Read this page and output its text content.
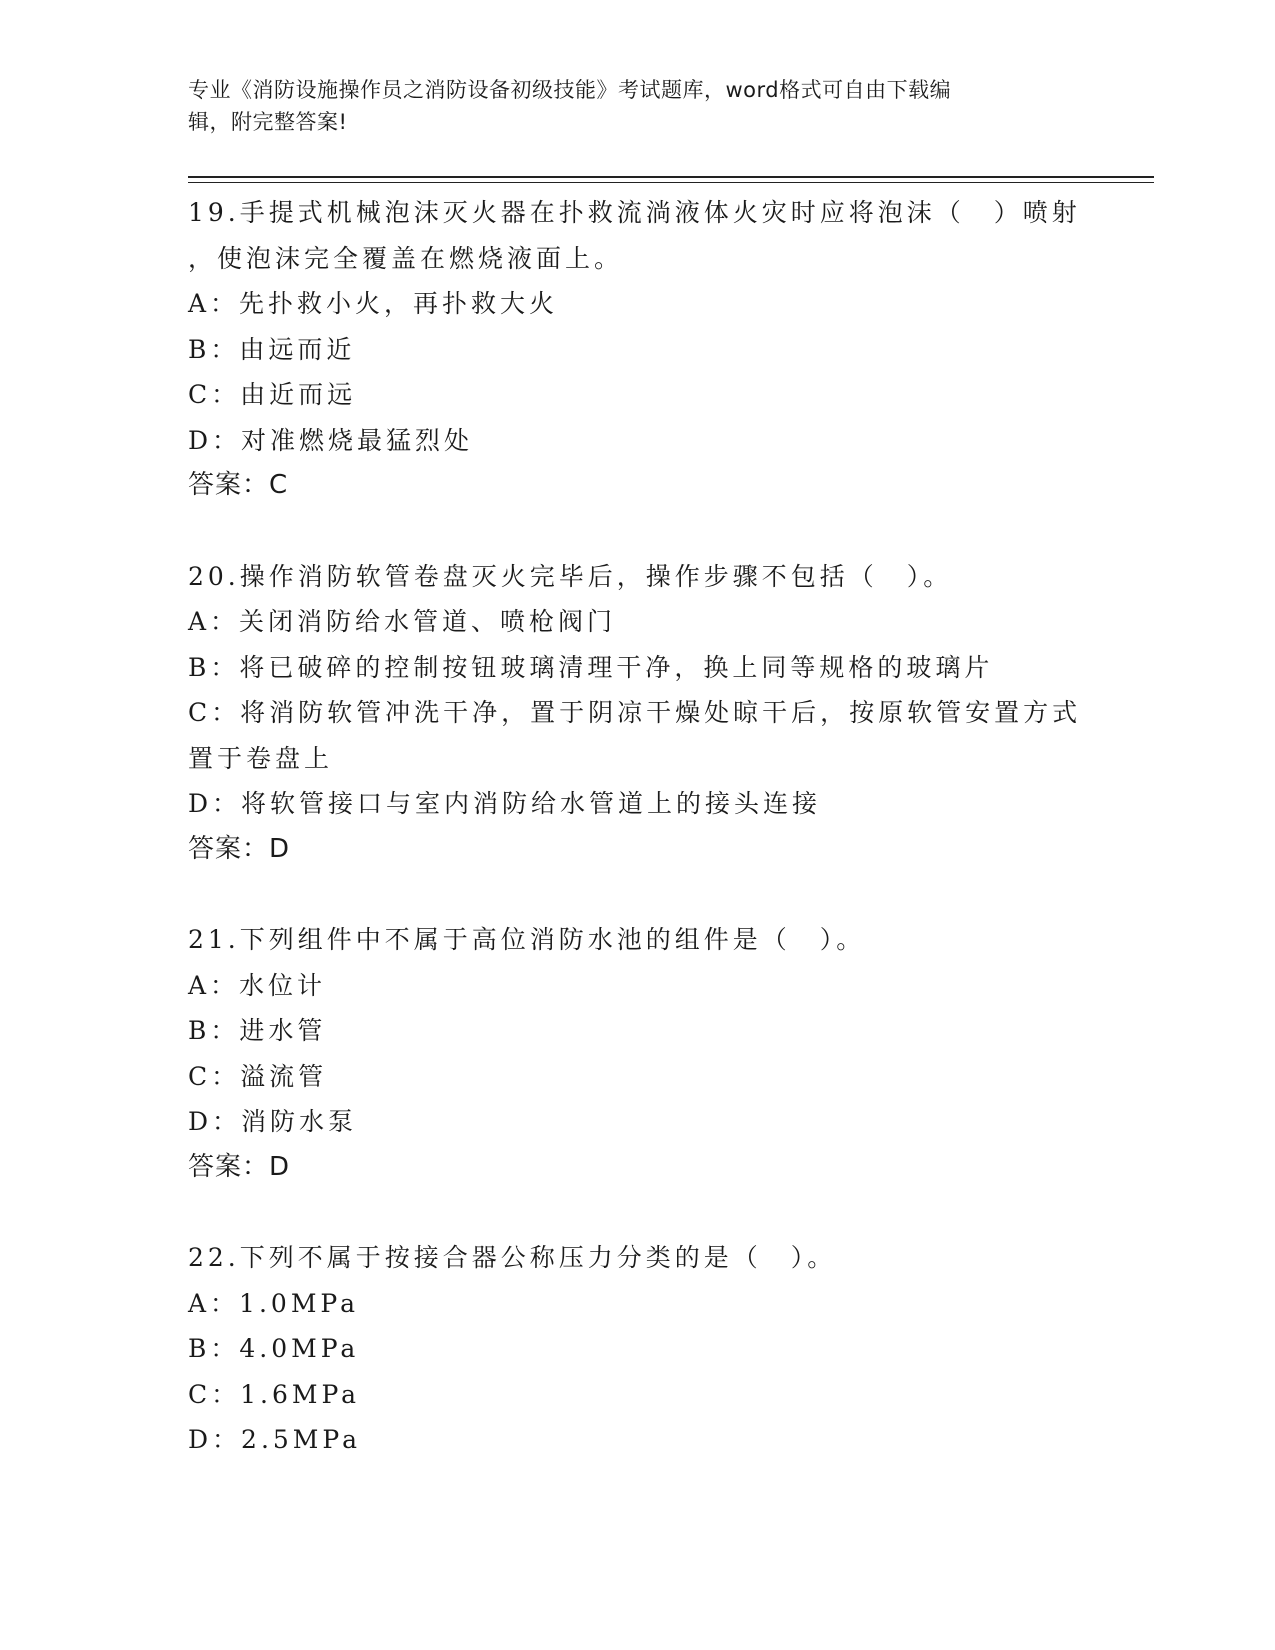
专业《消防设施操作员之消防设备初级技能》考试题库，word格式可自由下载编
辑，附完整答案!
19.手提式机械泡沫灭火器在扑救流淌液体火灾时应将泡沫（　）喷射
，使泡沫完全覆盖在燃烧液面上。
A：先扑救小火，再扑救大火
B：由远而近
C：由近而远
D：对准燃烧最猛烈处
答案：C
20.操作消防软管卷盘灭火完毕后，操作步骤不包括（　）。
A：关闭消防给水管道、喷枪阀门
B：将已破碎的控制按钮玻璃清理干净，换上同等规格的玻璃片
C：将消防软管冲洗干净，置于阴凉干燥处晾干后，按原软管安置方式
置于卷盘上
D：将软管接口与室内消防给水管道上的接头连接
答案：D
21.下列组件中不属于高位消防水池的组件是（　）。
A：水位计
B：进水管
C：溢流管
D：消防水泵
答案：D
22.下列不属于按接合器公称压力分类的是（　）。
A：1.0MPa
B：4.0MPa
C：1.6MPa
D：2.5MPa
